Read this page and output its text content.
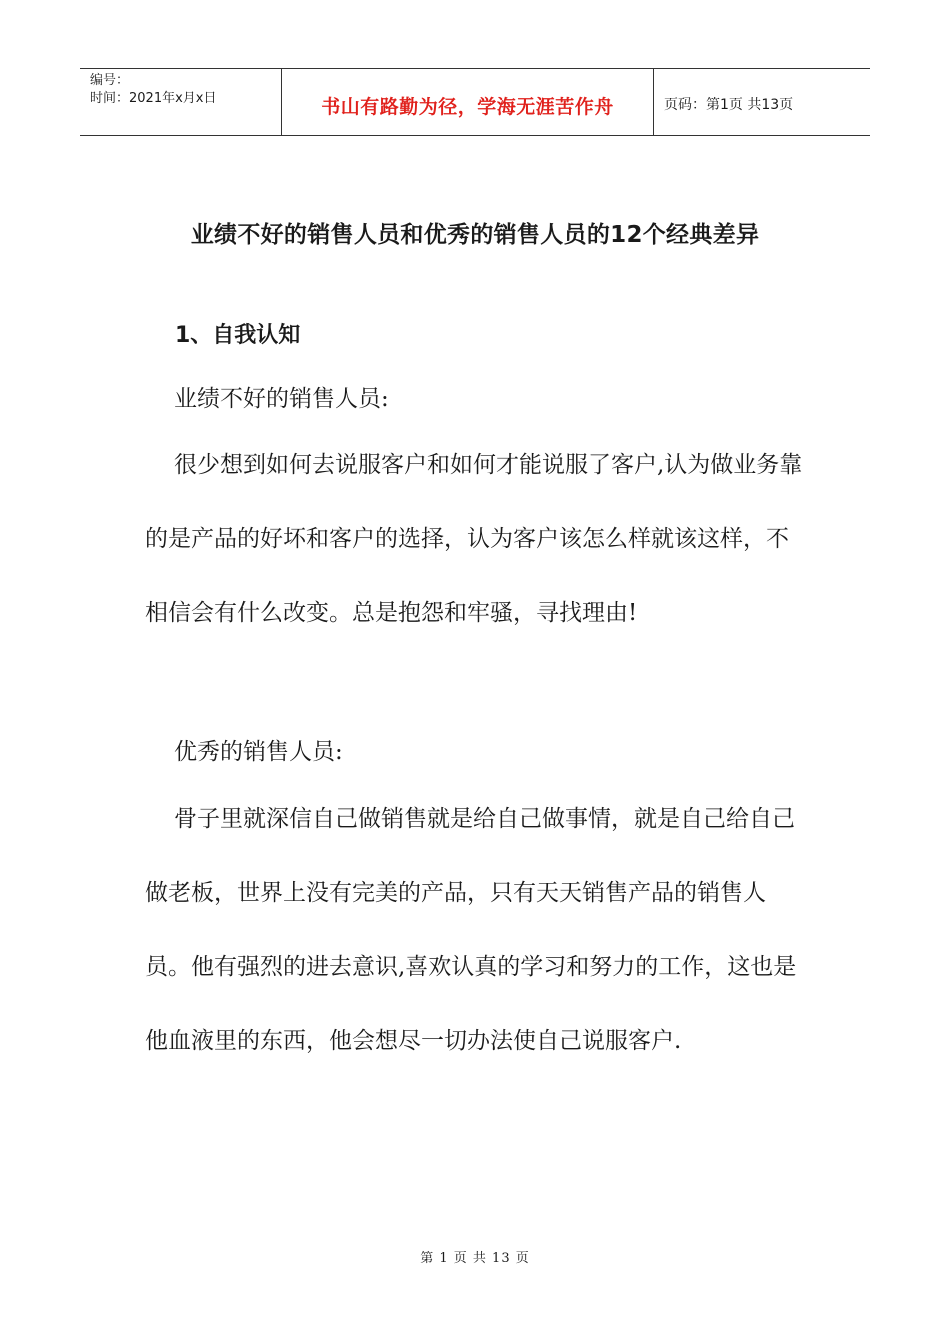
编号：
时间：2021年x月x日	书山有路勤为径，学海无涯苦作舟	页码：第1页 共13页
业绩不好的销售人员和优秀的销售人员的12个经典差异
1、自我认知

业绩不好的销售人员:

很少想到如何去说服客户和如何才能说服了客户,认为做业务靠的是产品的好坏和客户的选择，认为客户该怎么样就该这样，不相信会有什么改变。总是抱怨和牢骚，寻找理由!

优秀的销售人员:

骨子里就深信自己做销售就是给自己做事情，就是自己给自己做老板，世界上没有完美的产品，只有天天销售产品的销售人员。他有强烈的进去意识,喜欢认真的学习和努力的工作，这也是他血液里的东西，他会想尽一切办法使自己说服客户.

第 1 页 共 13 页
